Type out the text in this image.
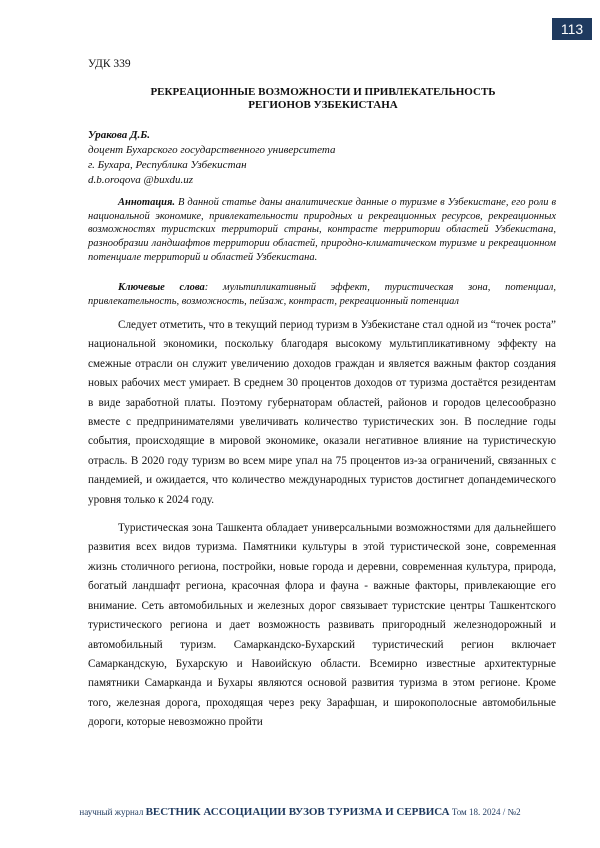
113
УДК 339
РЕКРЕАЦИОННЫЕ ВОЗМОЖНОСТИ И ПРИВЛЕКАТЕЛЬНОСТЬ
РЕГИОНОВ УЗБЕКИСТАНА
Уракова Д.Б.
доцент Бухарского государственного университета
г. Бухара, Республика Узбекистан
d.b.oroqova @buxdu.uz
Аннотация. В данной статье даны аналитические данные о туризме в Узбекистане, его роли в национальной экономике, привлекательности природных и рекреационных ресурсов, рекреационных возможностях туристских территорий страны, контрасте территории областей Узбекистана, разнообразии ландшафтов территории областей, природно-климатическом туризме и рекреационном потенциале территорий и областей Узбекистана.
Ключевые слова: мультипликативный эффект, туристическая зона, потенциал, привлекательность, возможность, пейзаж, контраст, рекреационный потенциал

Следует отметить, что в текущий период туризм в Узбекистане стал одной из “точек роста” национальной экономики, поскольку благодаря высокому мультипликативному эффекту на смежные отрасли он служит увеличению доходов граждан и является важным фактор создания новых рабочих мест умирает. В среднем 30 процентов доходов от туризма достаётся резидентам в виде заработной платы. Поэтому губернаторам областей, районов и городов целесообразно вместе с предпринимателями увеличивать количество туристических зон. В последние годы события, происходящие в мировой экономике, оказали негативное влияние на туристическую отрасль. В 2020 году туризм во всем мире упал на 75 процентов из-за ограничений, связанных с пандемией, и ожидается, что количество международных туристов достигнет допандемического уровня только к 2024 году.

Туристическая зона Ташкента обладает универсальными возможностями для дальнейшего развития всех видов туризма. Памятники культуры в этой туристической зоне, современная жизнь столичного региона, постройки, новые города и деревни, современная культура, природа, богатый ландшафт региона, красочная флора и фауна - важные факторы, привлекающие его внимание. Сеть автомобильных и железных дорог связывает туристские центры Ташкентского туристического региона и дает возможность развивать пригородный железнодорожный и автомобильный туризм. Самаркандско-Бухарский туристический регион включает Самаркандскую, Бухарскую и Навоийскую области. Всемирно известные архитектурные памятники Самарканда и Бухары являются основой развития туризма в этом регионе. Кроме того, железная дорога, проходящая через реку Зарафшан, и широкополосные автомобильные дороги, которые невозможно пройти

научный журнал ВЕСТНИК АССОЦИАЦИИ ВУЗОВ ТУРИЗМА И СЕРВИСА Том 18. 2024 / №2
